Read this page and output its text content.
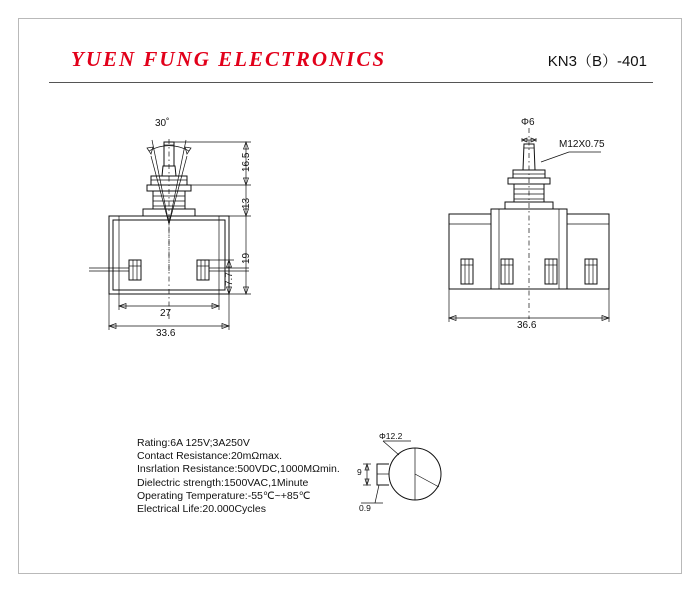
YUEN FUNG ELECTRONICS	KN3（B）-401
30˚
16.5
13
19
7.7
27
33.6
Φ6
M12X0.75
36.6
Rating:6A 125V;3A250V
Contact Resistance:20mΩmax.
Insrlation Resistance:500VDC,1000MΩmin.
Dielectric strength:1500VAC,1Minute
Operating Temperature:-55℃~+85℃
Electrical Life:20.000Cycles
Φ12.2
9
0.9
